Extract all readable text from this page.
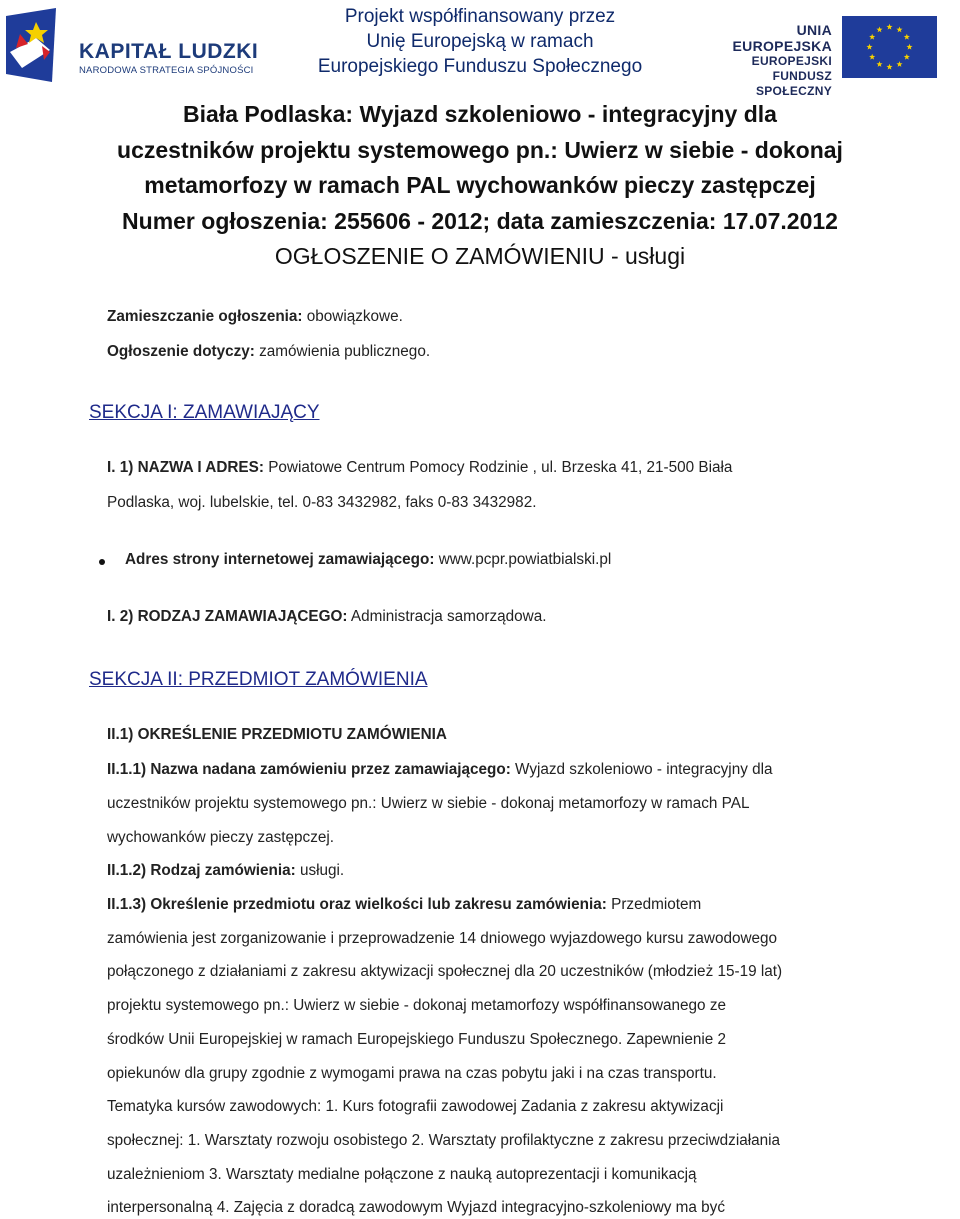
KAPITAŁ LUDZKI
NARODOWA STRATEGIA SPÓJNOŚCI
Projekt współfinansowany przez
Unię Europejską w ramach
Europejskiego Funduszu Społecznego
UNIA EUROPEJSKA
EUROPEJSKI
FUNDUSZ SPOŁECZNY
Biała Podlaska: Wyjazd szkoleniowo - integracyjny dla
uczestników projektu systemowego pn.: Uwierz w siebie - dokonaj
metamorfozy w ramach PAL wychowanków pieczy zastępczej
Numer ogłoszenia: 255606 - 2012; data zamieszczenia: 17.07.2012
OGŁOSZENIE O ZAMÓWIENIU - usługi
Zamieszczanie ogłoszenia: obowiązkowe.
Ogłoszenie dotyczy: zamówienia publicznego.
SEKCJA I: ZAMAWIAJĄCY
I. 1) NAZWA I ADRES: Powiatowe Centrum Pomocy Rodzinie , ul. Brzeska 41, 21-500 Biała
Podlaska, woj. lubelskie, tel. 0-83 3432982, faks 0-83 3432982.
Adres strony internetowej zamawiającego: www.pcpr.powiatbialski.pl
I. 2) RODZAJ ZAMAWIAJĄCEGO: Administracja samorządowa.
SEKCJA II: PRZEDMIOT ZAMÓWIENIA
II.1) OKREŚLENIE PRZEDMIOTU ZAMÓWIENIA
II.1.1) Nazwa nadana zamówieniu przez zamawiającego: Wyjazd szkoleniowo - integracyjny dla
uczestników projektu systemowego pn.: Uwierz w siebie - dokonaj metamorfozy w ramach PAL
wychowanków pieczy zastępczej.
II.1.2) Rodzaj zamówienia: usługi.
II.1.3) Określenie przedmiotu oraz wielkości lub zakresu zamówienia: Przedmiotem
zamówienia jest zorganizowanie i przeprowadzenie 14 dniowego wyjazdowego kursu zawodowego
połączonego z działaniami z zakresu aktywizacji społecznej dla 20 uczestników (młodzież 15-19 lat)
projektu systemowego pn.: Uwierz w siebie - dokonaj metamorfozy współfinansowanego ze
środków Unii Europejskiej w ramach Europejskiego Funduszu Społecznego. Zapewnienie 2
opiekunów dla grupy zgodnie z wymogami prawa na czas pobytu jaki i na czas transportu.
Tematyka kursów zawodowych: 1. Kurs fotografii zawodowej Zadania z zakresu aktywizacji
społecznej: 1. Warsztaty rozwoju osobistego 2. Warsztaty profilaktyczne z zakresu przeciwdziałania
uzależnieniom 3. Warsztaty medialne połączone z nauką autoprezentacji i komunikacją
interpersonalną 4. Zajęcia z doradcą zawodowym Wyjazd integracyjno-szkoleniowy ma być
